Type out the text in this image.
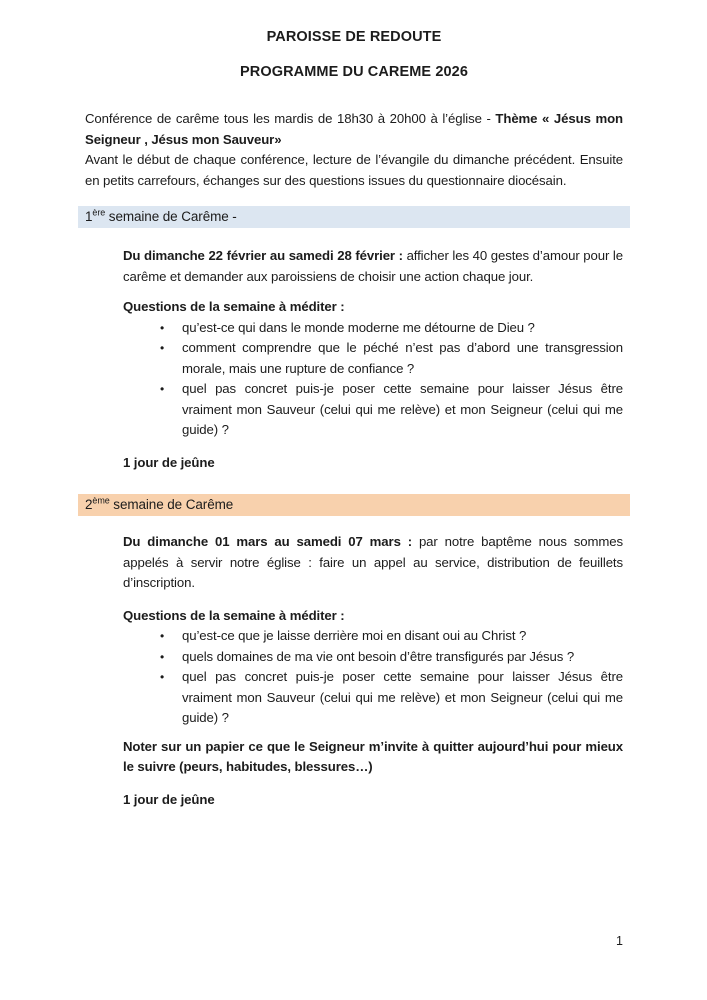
PAROISSE DE REDOUTE
PROGRAMME DU CAREME 2026

Conférence de carême tous les mardis de 18h30 à 20h00 à l’église - Thème « Jésus mon Seigneur , Jésus mon Sauveur»

Avant le début de chaque conférence, lecture de l’évangile du dimanche précédent. Ensuite en petits carrefours, échanges sur des questions issues du questionnaire diocésain.

1ère semaine de Carême -

Du dimanche 22 février au samedi 28 février : afficher les 40 gestes d’amour pour le carême et demander aux paroissiens de choisir une action chaque jour.

Questions de la semaine à méditer :

•	qu’est-ce qui dans le monde moderne me détourne de Dieu ?
•	comment comprendre que le péché n’est pas d’abord une transgression morale, mais une rupture de confiance ?
•	quel pas concret puis-je poser cette semaine pour laisser Jésus être vraiment mon Sauveur (celui qui me relève) et mon Seigneur (celui qui me guide) ?

1 jour de jeûne

2ème semaine de Carême

Du dimanche 01 mars au samedi 07 mars : par notre baptême nous sommes appelés à servir notre église : faire un appel au service, distribution de feuillets d’inscription.

Questions de la semaine à méditer :

•	qu’est-ce que je laisse derrière moi en disant oui au Christ ?
•	quels domaines de ma vie ont besoin d’être transfigurés par Jésus ?
•	quel pas concret puis-je poser cette semaine pour laisser Jésus être vraiment mon Sauveur (celui qui me relève) et mon Seigneur (celui qui me guide) ?

Noter sur un papier ce que le Seigneur m’invite à quitter aujourd’hui pour mieux le suivre (peurs, habitudes, blessures…)

1 jour de jeûne

1
